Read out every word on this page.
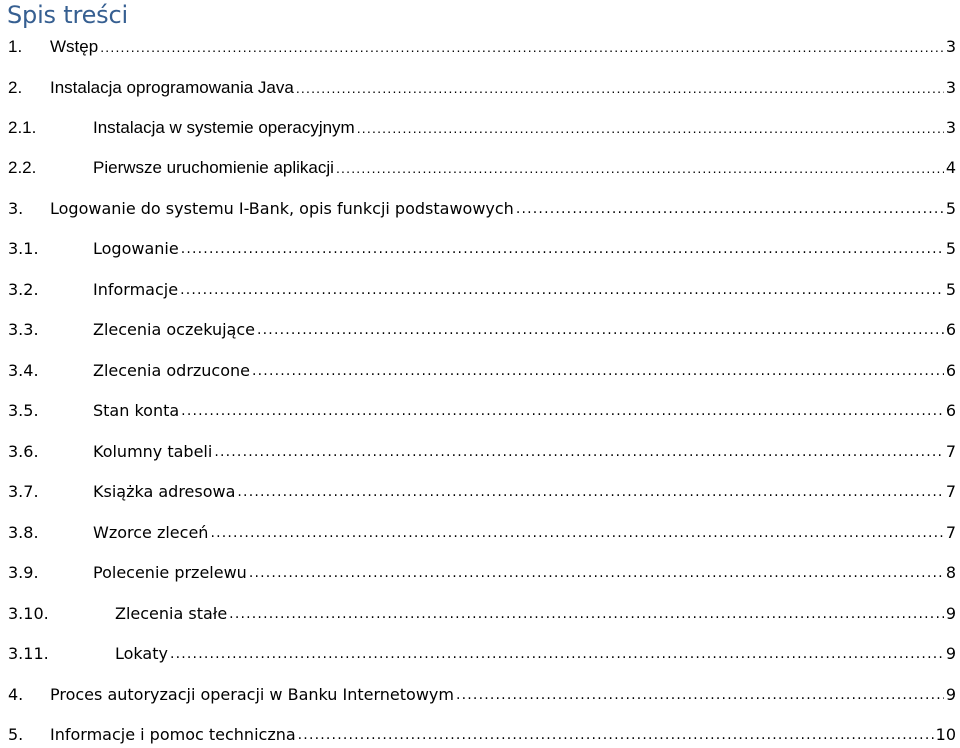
Spis treści
1.	Wstęp .....	3
2.	Instalacja oprogramowania Java .....	3
2.1.	Instalacja w systemie operacyjnym .....	3
2.2.	Pierwsze uruchomienie aplikacji .....	4
3.	Logowanie do systemu I-Bank, opis funkcji podstawowych .....	5
3.1.	Logowanie .....	5
3.2.	Informacje .....	5
3.3.	Zlecenia oczekujące .....	6
3.4.	Zlecenia odrzucone .....	6
3.5.	Stan konta .....	6
3.6.	Kolumny tabeli .....	7
3.7.	Książka adresowa .....	7
3.8.	Wzorce zleceń .....	7
3.9.	Polecenie przelewu .....	8
3.10.	Zlecenia stałe .....	9
3.11.	Lokaty .....	9
4.	Proces autoryzacji operacji w Banku Internetowym .....	9
5.	Informacje i pomoc techniczna .....	10
